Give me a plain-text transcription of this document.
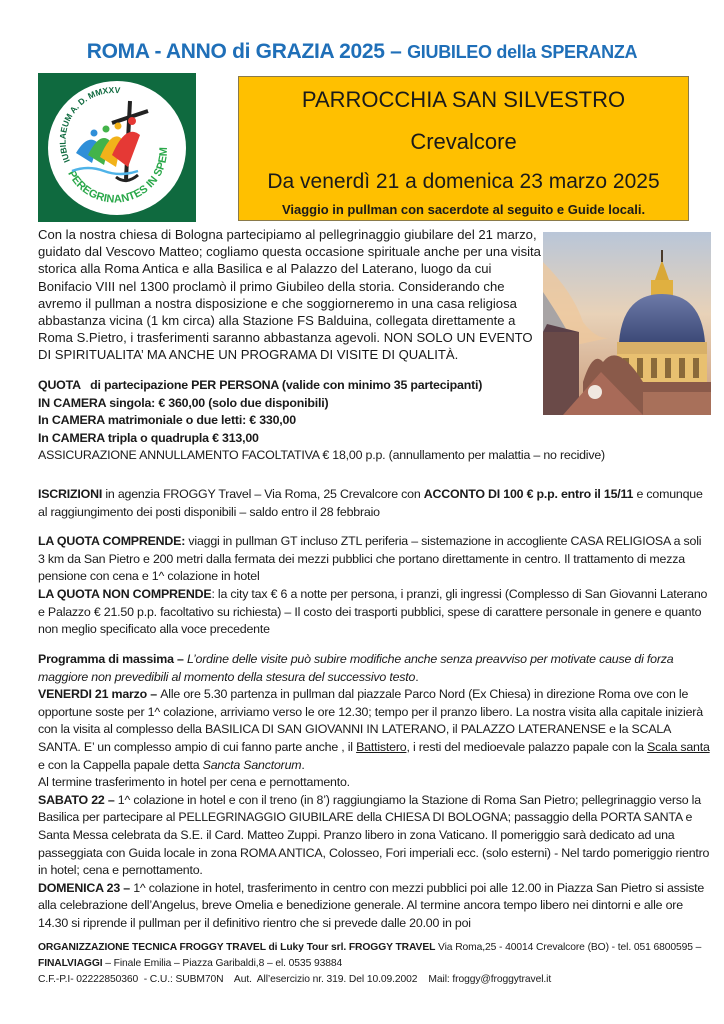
ROMA - ANNO di GRAZIA 2025 – GIUBILEO della SPERANZA
IUBILAEUM A. D. MMXXV
PEREGRINANTES IN SPEM
PARROCCHIA SAN SILVESTRO
Crevalcore
Da venerdì 21 a domenica 23 marzo 2025
Viaggio in pullman con sacerdote al seguito e Guide locali.
Con la nostra chiesa di Bologna partecipiamo al pellegrinaggio giubilare del 21 marzo, guidato dal Vescovo Matteo; cogliamo questa occasione spirituale anche per una visita storica alla Roma Antica e alla Basilica e al Palazzo del Laterano, luogo da cui Bonifacio VIII nel 1300 proclamò il primo Giubileo della storia. Considerando che avremo il pullman a nostra disposizione e che soggiorneremo in una casa religiosa abbastanza vicina (1 km circa) alla Stazione FS Balduina, collegata direttamente a Roma S.Pietro, i trasferimenti saranno abbastanza agevoli. NON SOLO UN EVENTO DI SPIRITUALITA’ MA ANCHE UN PROGRAMA DI VISITE DI QUALITÀ.
QUOTA   di partecipazione PER PERSONA (valide con minimo 35 partecipanti)
IN CAMERA singola: € 360,00 (solo due disponibili)
In CAMERA matrimoniale o due letti: € 330,00
In CAMERA tripla o quadrupla € 313,00
ASSICURAZIONE ANNULLAMENTO FACOLTATIVA € 18,00 p.p. (annullamento per malattia – no recidive)
ISCRIZIONI in agenzia FROGGY Travel – Via Roma, 25 Crevalcore con ACCONTO DI 100 € p.p. entro il 15/11 e comunque al raggiungimento dei posti disponibili – saldo entro il 28 febbraio
LA QUOTA COMPRENDE: viaggi in pullman GT incluso ZTL periferia – sistemazione in accogliente CASA RELIGIOSA a soli 3 km da San Pietro e 200 metri dalla fermata dei mezzi pubblici che portano direttamente in centro. Il trattamento di mezza pensione con cena e 1^ colazione in hotel
LA QUOTA NON COMPRENDE: la city tax € 6 a notte per persona, i pranzi, gli ingressi (Complesso di San Giovanni Laterano e Palazzo € 21.50 p.p. facoltativo su richiesta) – Il costo dei trasporti pubblici, spese di carattere personale in genere e quanto non meglio specificato alla voce precedente
Programma di massima – L’ordine delle visite può subire modifiche anche senza preavviso per motivate cause di forza maggiore non prevedibili al momento della stesura del successivo testo.
VENERDI 21 marzo – Alle ore 5.30 partenza in pullman dal piazzale Parco Nord (Ex Chiesa) in direzione Roma ove con le opportune soste per 1^ colazione, arriviamo verso le ore 12.30; tempo per il pranzo libero. La nostra visita alla capitale inizierà con la visita al complesso della BASILICA DI SAN GIOVANNI IN LATERANO, il PALAZZO LATERANENSE e la SCALA SANTA. E’ un complesso ampio di cui fanno parte anche , il Battistero, i resti del medioevale palazzo papale con la Scala santa e con la Cappella papale detta Sancta Sanctorum.
Al termine trasferimento in hotel per cena e pernottamento.
SABATO 22 – 1^ colazione in hotel e con il treno (in 8’) raggiungiamo la Stazione di Roma San Pietro; pellegrinaggio verso la Basilica per partecipare al PELLEGRINAGGIO GIUBILARE della CHIESA DI BOLOGNA; passaggio della PORTA SANTA e Santa Messa celebrata da S.E. il Card. Matteo Zuppi. Pranzo libero in zona Vaticano. Il pomeriggio sarà dedicato ad una passeggiata con Guida locale in zona ROMA ANTICA, Colosseo, Fori imperiali ecc. (solo esterni) - Nel tardo pomeriggio rientro in hotel; cena e pernottamento.
DOMENICA 23 – 1^ colazione in hotel, trasferimento in centro con mezzi pubblici poi alle 12.00 in Piazza San Pietro si assiste alla celebrazione dell’Angelus, breve Omelia e benedizione generale. Al termine ancora tempo libero nei dintorni e alle ore 14.30 si riprende il pullman per il definitivo rientro che si prevede dalle 20.00 in poi
ORGANIZZAZIONE TECNICA FROGGY TRAVEL di Luky Tour srl. FROGGY TRAVEL Via Roma,25 - 40014 Crevalcore (BO) - tel. 051 6800595 –   FINALVIAGGI – Finale Emilia – Piazza Garibaldi,8 – el. 0535 93884
C.F.-P.I- 02222850360  - C.U.: SUBM70N    Aut.  All’esercizio nr. 319. Del 10.09.2002    Mail: froggy@froggytravel.it
